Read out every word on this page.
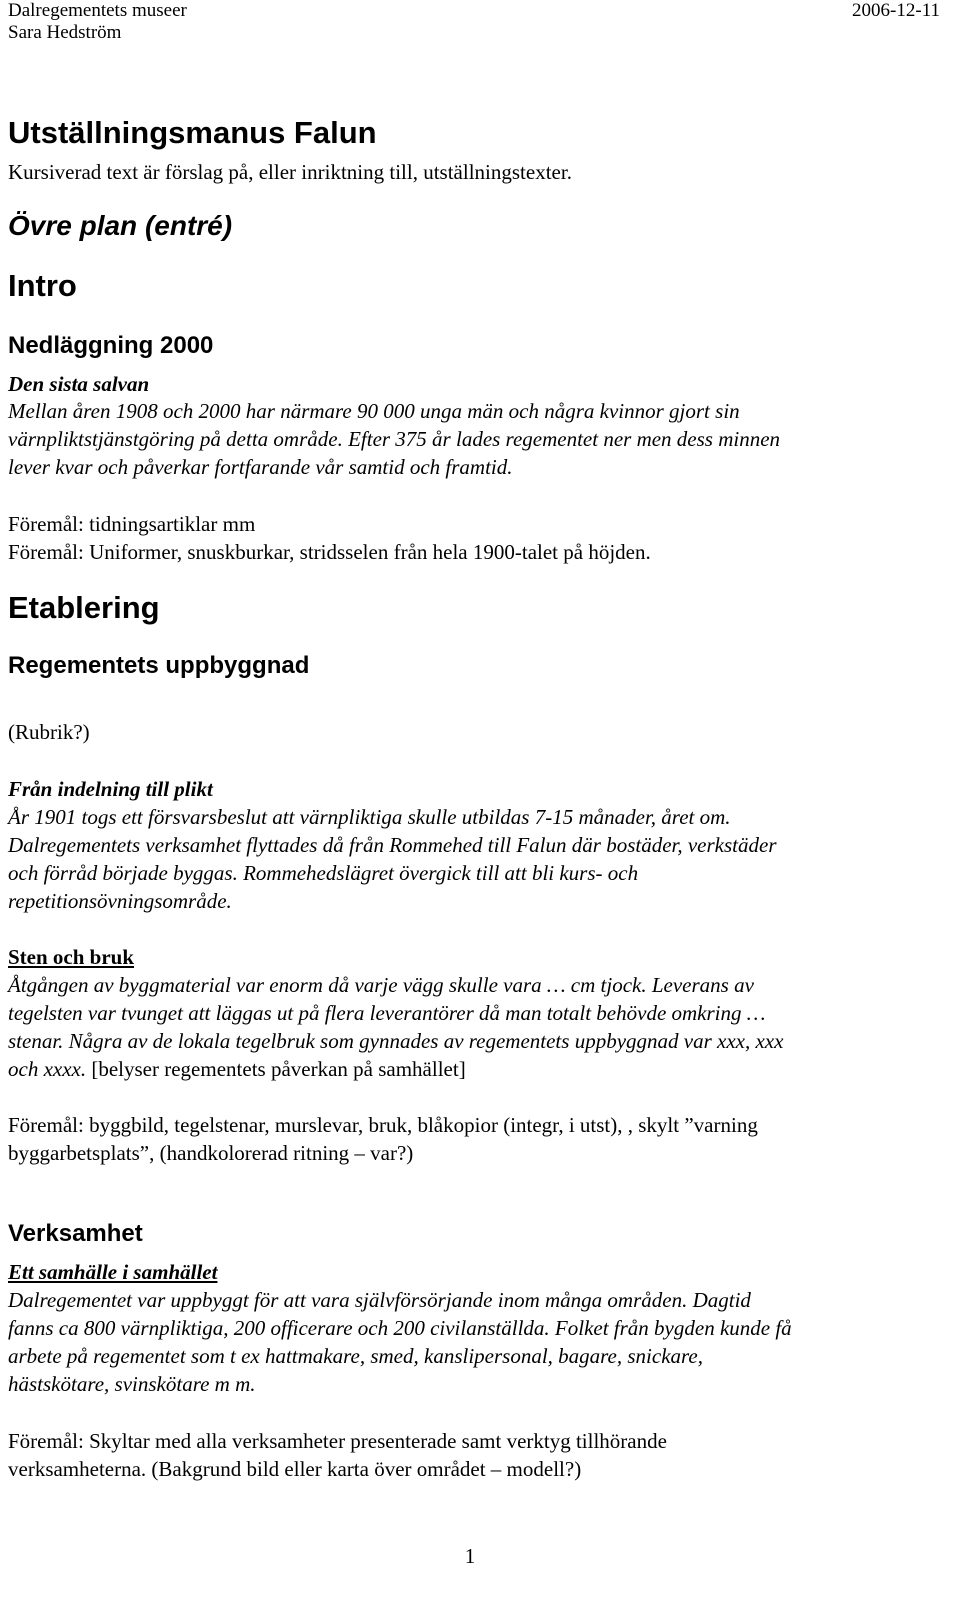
Dalregementets museer

Sara Hedström

2006-12-11

Utställningsmanus Falun

Kursiverad text är förslag på, eller inriktning till, utställningstexter.

Övre plan (entré)
Intro
Nedläggning 2000

Den sista salvan

Mellan åren 1908 och 2000 har närmare 90 000 unga män och några kvinnor gjort sin

värnpliktstjänstgöring på detta område. Efter 375 år lades regementet ner men dess minnen

lever kvar och påverkar fortfarande vår samtid och framtid.

Föremål: tidningsartiklar mm

Föremål: Uniformer, snuskburkar, stridsselen från hela 1900-talet på höjden.

Etablering
Regementets uppbyggnad

(Rubrik?)

Från indelning till plikt

År 1901 togs ett försvarsbeslut att värnpliktiga skulle utbildas 7-15 månader, året om.

Dalregementets verksamhet flyttades då från Rommehed till Falun där bostäder, verkstäder

och förråd började byggas. Rommehedslägret övergick till att bli kurs- och

repetitionsövningsområde.

Sten och bruk

Åtgången av byggmaterial var enorm då varje vägg skulle vara … cm tjock. Leverans av

tegelsten var tvunget att läggas ut på flera leverantörer då man totalt behövde omkring …

stenar. Några av de lokala tegelbruk som gynnades av regementets uppbyggnad var xxx, xxx

och xxxx. [belyser regementets påverkan på samhället]

Föremål: byggbild, tegelstenar, murslevar, bruk, blåkopior (integr, i utst), , skylt ”varning

byggarbetsplats”, (handkolorerad ritning – var?)

Verksamhet

Ett samhälle i samhället

Dalregementet var uppbyggt för att vara självförsörjande inom många områden. Dagtid

fanns ca 800 värnpliktiga, 200 officerare och 200 civilanställda. Folket från bygden kunde få

arbete på regementet som t ex hattmakare, smed, kanslipersonal, bagare, snickare,

hästskötare, svinskötare m m.

Föremål: Skyltar med alla verksamheter presenterade samt verktyg tillhörande

verksamheterna. (Bakgrund bild eller karta över området – modell?)

1
